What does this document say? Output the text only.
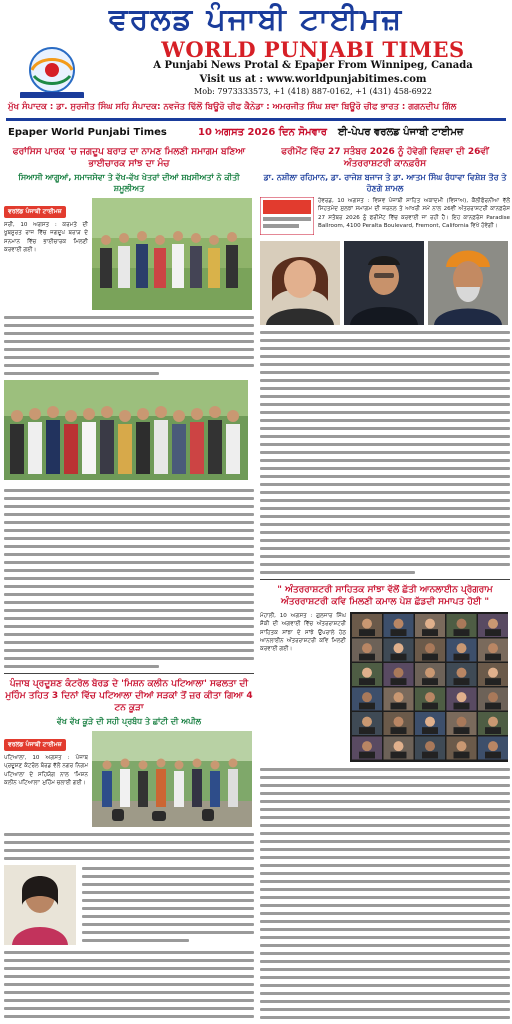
ਵਰਲਡ ਪੰਜਾਬੀ ਟਾਈਮਜ਼
WORLD PUNJABI TIMES
A Punjabi News Protal & Epaper From Winnipeg, Canada
Visit us at : www.worldpunjabitimes.com
Mob: 7973333573, +1 (418) 887-0162, +1 (431) 458-6922
ਮੁੱਖ ਸੰਪਾਦਕ : ਡਾ. ਸੁਰਜੀਤ ਸਿੰਘ ਸਹਿ ਸੰਪਾਦਕ: ਨਵਜੋਤ ਢਿੱਲੋਂ ਬਿਊਰੋ ਚੀਫ ਕੈਨੇਡਾ : ਅਮਰਜੀਤ ਸਿੰਘ ਸ਼ਵਾ ਬਿਊਰੋ ਚੀਫ ਭਾਰਤ : ਗਗਨਦੀਪ ਗਿੱਲ
Epaper World Punjabi Times	10 ਅਗਸਤ 2026 ਦਿਨ ਸੋਮਵਾਰ ਈ-ਪੇਪਰ ਵਰਲਡ ਪੰਜਾਬੀ ਟਾਈਮਜ਼
ਫਰਾਂਸਿਸ ਪਾਰਕ 'ਚ ਜਗਦੂਪ ਬਰਾੜ ਦਾ ਨਾਮਣ ਮਿਲਣੀ ਸਮਾਗਮ ਬਣਿਆ ਭਾਈਚਾਰਕ ਸਾਂਝ ਦਾ ਮੰਚ
ਸਿਆਸੀ ਆਗੂਆਂ, ਸਮਾਜਸੇਵਾ ਤੇ ਵੱਖ-ਵੱਖ ਖੇਤਰਾਂ ਦੀਆਂ ਸ਼ਖ਼ਸੀਅਤਾਂ ਨੇ ਕੀਤੀ ਸ਼ਮੂਲੀਅਤ
ਵਰਲਡ ਪੰਜਾਬੀ ਟਾਈਮਜ਼
ਸਰੀ, 10 ਅਗਸਤ : ਕਰਮਤੇ ਦੀ ਖੂਬਸੂਰਤ ਰਾਜ ਵਿੱਚ ਜਗਦੂਪ ਬਰਾੜ ਦੇ ਸਨਮਾਨ ਵਿੱਚ ਭਾਈਚਾਰਕ ਮਿਲਣੀ ਕਰਵਾਈ ਗਈ।
ਪੰਜਾਬ ਪ੍ਰਦੂਸ਼ਣ ਕੰਟਰੋਲ ਬੋਰਡ ਦੇ 'ਮਿਸ਼ਨ ਕਲੀਨ ਪਟਿਆਲਾ' ਸਫਲਤਾ ਦੀ ਮੁਹਿੰਮ ਤਹਿਤ 3 ਦਿਨਾਂ ਵਿੱਚ ਪਟਿਆਲਾ ਦੀਆਂ ਸੜਕਾਂ ਤੋਂ ਜ਼ਰ ਕੀਤਾ ਗਿਆ 4 ਟਨ ਕੂੜਾ
ਵੱਖ ਵੱਖ ਕੂੜੇ ਦੀ ਸਹੀ ਪ੍ਰਬੰਧ ਤੇ ਛਾਂਟੀ ਦੀ ਅਪੀਲ
ਵਰਲਡ ਪੰਜਾਬੀ ਟਾਈਮਜ਼
ਪਟਿਆਲਾ, 10 ਅਗਸਤ : ਪੰਜਾਬ ਪ੍ਰਦੂਸ਼ਣ ਕੰਟਰੋਲ ਬੋਰਡ ਵੱਲੋਂ ਨਗਰ ਨਿਗਮ ਪਟਿਆਲਾ ਦੇ ਸਹਿਯੋਗ ਨਾਲ 'ਮਿਸ਼ਨ ਕਲੀਨ ਪਟਿਆਲਾ' ਮੁਹਿੰਮ ਚਲਾਈ ਗਈ।
ਫਰੀਮੌਂਟ ਵਿੱਚ 27 ਸਤੰਬਰ 2026 ਨੂੰ ਹੋਵੇਗੀ ਵਿਸ਼ਵਾ ਦੀ 26ਵੀਂ ਅੰਤਰਰਾਸ਼ਟਰੀ ਕਾਨਫ਼ਰੰਸ
ਡਾ. ਨਸ਼ੀਲਾ ਰਹਿਮਾਨ, ਡਾ. ਰਾਜੇਸ਼ ਬਜਾਜ ਤੇ ਡਾ. ਆਤਮ ਸਿੰਘ ਰੰਧਾਵਾ ਵਿਸ਼ੇਸ਼ ਤੌਰ ਤੇ ਹੋਣਗੇ ਸ਼ਾਮਲ
ਹੇਵਰਡ, 10 ਅਗਸਤ : ਵਿਸ਼ਵ ਪੰਜਾਬੀ ਸਾਹਿਤ ਅਕਾਦਮੀ (ਵਿਸਾਅ), ਕੈਲੀਫੋਰਨੀਆ ਵੱਲੋਂ ਸਿਹਤਮੰਦ ਸੁਲਝਾਂ ਸਮਾਗਮ ਦੀ ਜਰਨਲ ਤੇ ਆਖਰੀ ਸਮੇਂ ਨਾਲ 26ਵੀਂ ਅੰਤਰਰਾਸ਼ਟਰੀ ਕਾਨਫ਼ਰੰਸ 27 ਸਤੰਬਰ 2026 ਨੂੰ ਫਰੀਮੌਂਟ ਵਿੱਚ ਕਰਵਾਈ ਜਾ ਰਹੀ ਹੈ। ਇਹ ਕਾਨਫ਼ਰੰਸ Paradise Ballroom, 4100 Peralta Boulevard, Fremont, California ਵਿਖੇ ਹੋਵੇਗੀ।
" ਅੰਤਰਰਾਸ਼ਟਰੀ ਸਾਹਿਤਕ ਸਾਂਝਾ ਵੱਲੋਂ ਛੱਤੀ ਆਨਲਾਈਨ ਪ੍ਰੋਗਰਾਮ ਅੰਤਰਰਾਸ਼ਟਰੀ ਕਵਿ ਮਿਲਣੀ ਕਮਾਲ ਪੇਸ਼ ਛੱਡਦੀ ਸਮਾਪਤ ਹੋਈ "
ਮੋਹਾਲੀ, 10 ਅਗਸਤ : ਗੁਲਜਾਰ ਸਿੰਘ ਸ਼ੌਕੀ ਦੀ ਅਗਵਾਈ ਵਿੱਚ ਅੰਤਰਰਾਸ਼ਟਰੀ ਸਾਹਿਤਕ ਸਾਂਝਾ ਦੇ ਸਾਂਝੇ ਉਪਰਾਲੇ ਹੇਠ ਆਨਲਾਈਨ ਅੰਤਰਰਾਸ਼ਟਰੀ ਕਵਿ ਮਿਲਣੀ ਕਰਵਾਈ ਗਈ।
